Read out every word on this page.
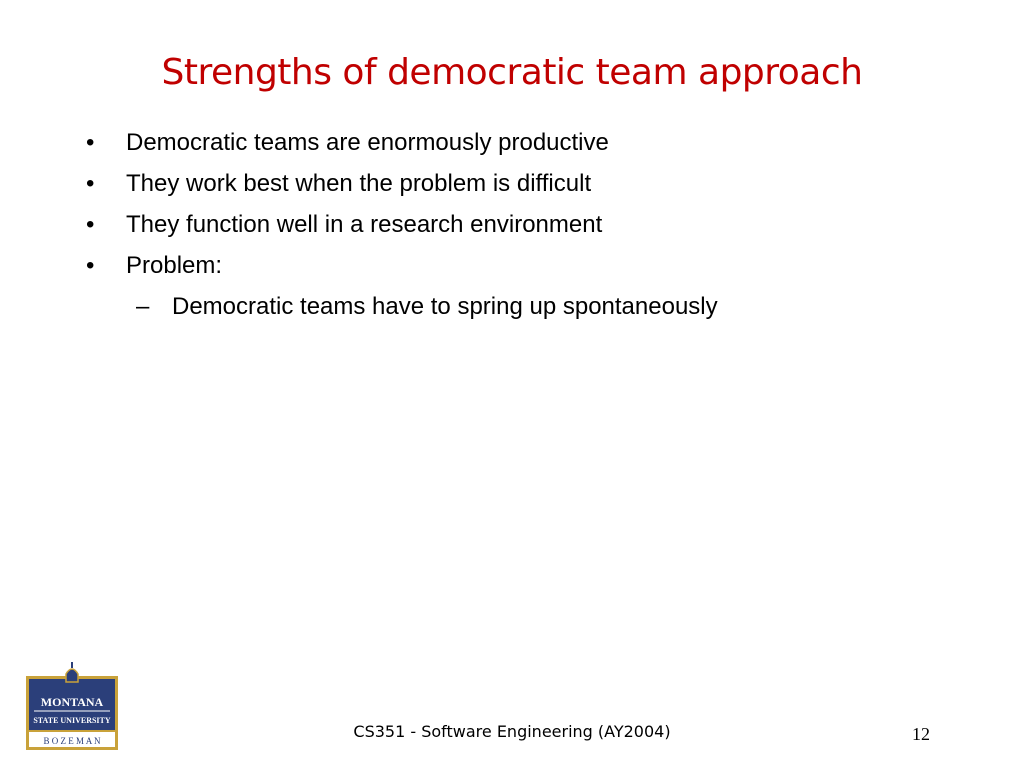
Strengths of democratic team approach
•	Democratic teams are enormously productive
•	They work best when the problem is difficult
•	They function well in a research environment
•	Problem:
– Democratic teams have to spring up spontaneously
MONTANA
STATE UNIVERSITY
B O Z E M A N	CS351 - Software Engineering (AY2004)	12
